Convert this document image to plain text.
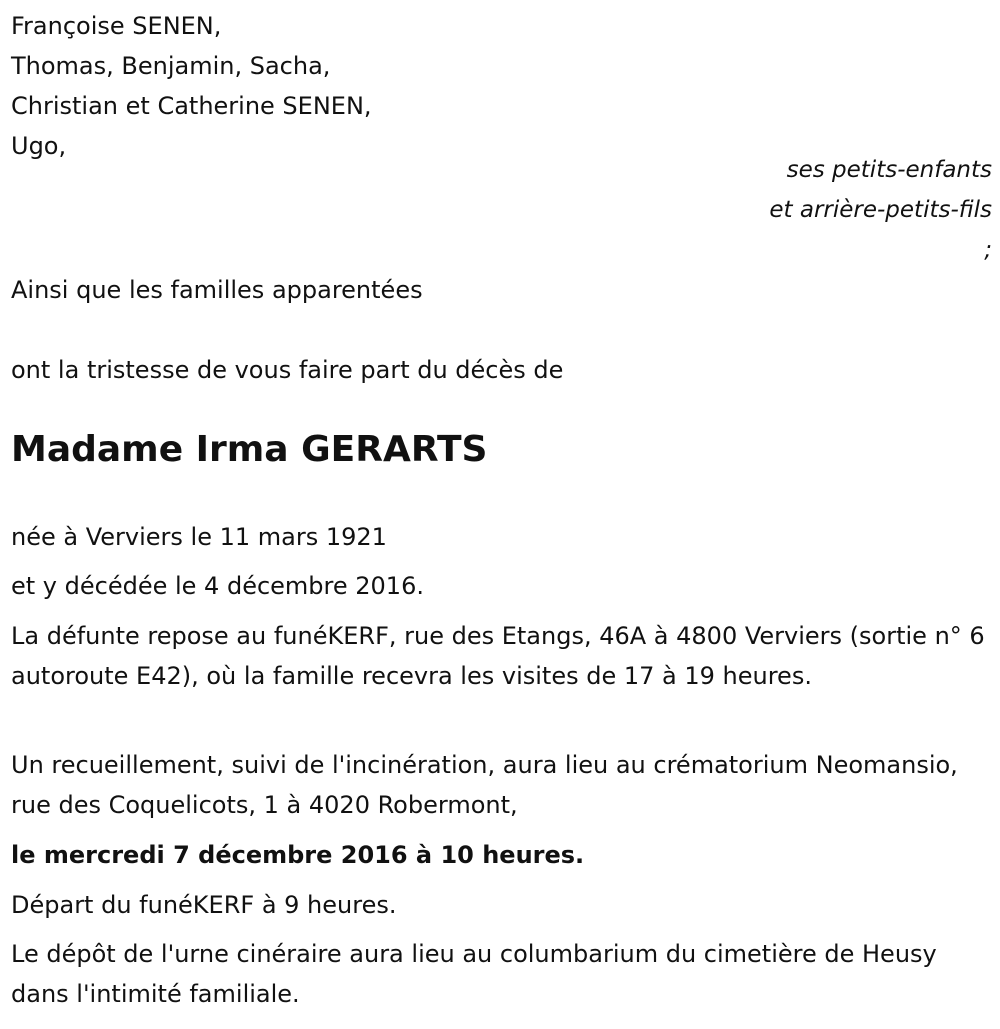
Françoise SENEN,
Thomas, Benjamin, Sacha,
Christian et Catherine SENEN,
Ugo,
ses petits-enfants
et arrière-petits-fils
;
Ainsi que les familles apparentées
ont la tristesse de vous faire part du décès de
Madame Irma GERARTS
née à Verviers le 11 mars 1921
et y décédée le 4 décembre 2016.

La défunte repose au funéKERF, rue des Etangs, 46A à 4800 Verviers (sortie n° 6 autoroute E42), où la famille recevra les visites de 17 à 19 heures.

Un recueillement, suivi de l'incinération, aura lieu au crématorium Neomansio, rue des Coquelicots, 1 à 4020 Robermont,

le mercredi 7 décembre 2016 à 10 heures.
Départ du funéKERF à 9 heures.

Le dépôt de l'urne cinéraire aura lieu au columbarium du cimetière de Heusy dans l'intimité familiale.
